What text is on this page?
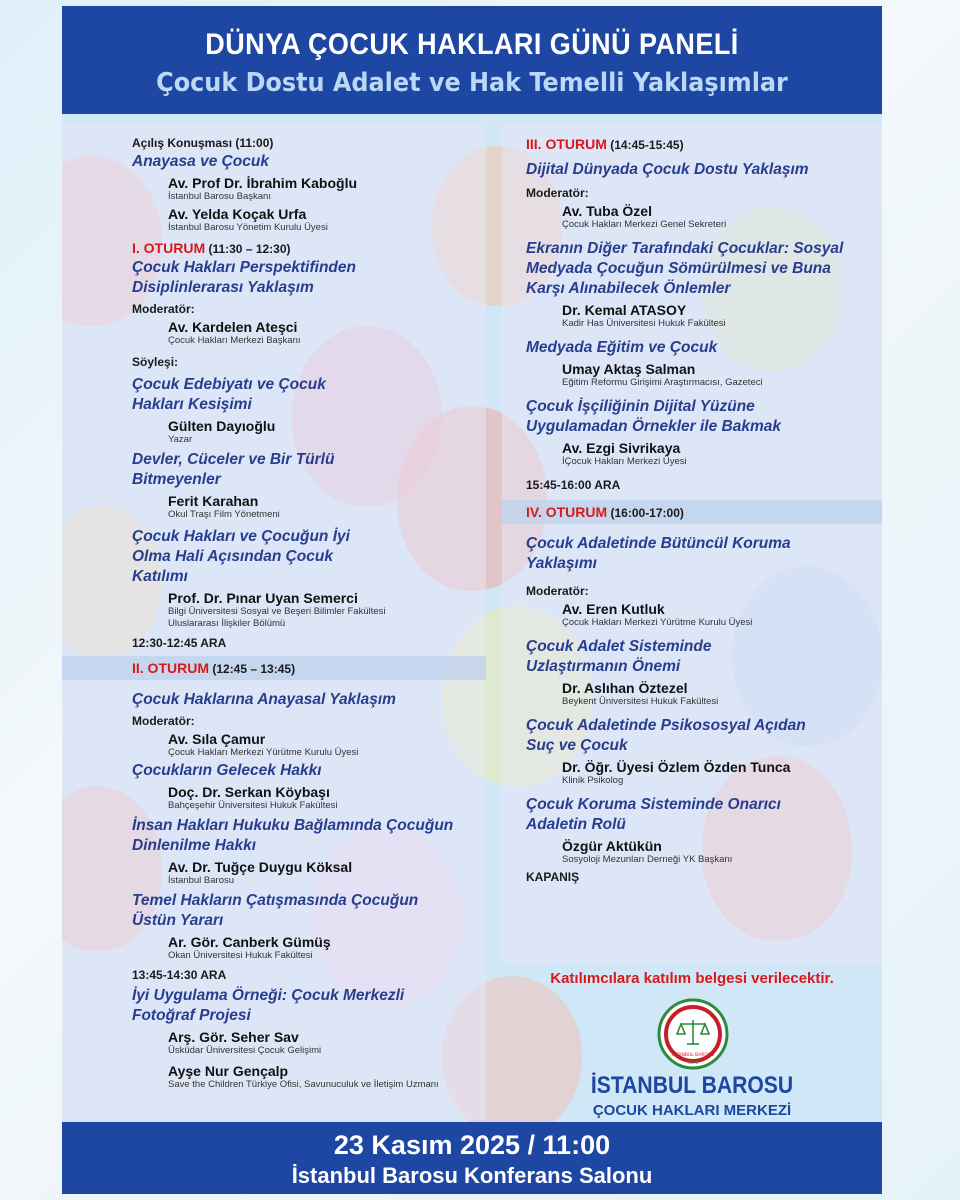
DÜNYA ÇOCUK HAKLARI GÜNÜ PANELİ
Çocuk Dostu Adalet ve Hak Temelli Yaklaşımlar
Açılış Konuşması (11:00)
Anayasa ve Çocuk
Av. Prof Dr. İbrahim Kaboğlu
İstanbul Barosu Başkanı
Av. Yelda Koçak Urfa
İstanbul Barosu Yönetim Kurulu Üyesi
I. OTURUM (11:30 – 12:30)
Çocuk Hakları Perspektifinden Disiplinlerarası Yaklaşım
Moderatör:
Av. Kardelen Ateşci
Çocuk Hakları Merkezi Başkanı
Söyleşi:
Çocuk Edebiyatı ve Çocuk Hakları Kesişimi
Gülten Dayıoğlu
Yazar
Devler, Cüceler ve Bir Türlü Bitmeyenler
Ferit Karahan
Okul Traşı Film Yönetmeni
Çocuk Hakları ve Çocuğun İyi Olma Hali Açısından Çocuk Katılımı
Prof. Dr. Pınar Uyan Semerci
Bilgi Üniversitesi Sosyal ve Beşeri Bilimler Fakültesi Uluslararası İlişkiler Bölümü
12:30-12:45 ARA
II. OTURUM (12:45 – 13:45)
Çocuk Haklarına Anayasal Yaklaşım
Moderatör:
Av. Sıla Çamur
Çocuk Hakları Merkezi Yürütme Kurulu Üyesi
Çocukların Gelecek Hakkı
Doç. Dr. Serkan Köybaşı
Bahçeşehir Üniversitesi Hukuk Fakültesi
İnsan Hakları Hukuku Bağlamında Çocuğun Dinlenilme Hakkı
Av. Dr. Tuğçe Duygu Köksal
İstanbul Barosu
Temel Hakların Çatışmasında Çocuğun Üstün Yararı
Ar. Gör. Canberk Gümüş
Okan Üniversitesi Hukuk Fakültesi
13:45-14:30 ARA
İyi Uygulama Örneği: Çocuk Merkezli Fotoğraf Projesi
Arş. Gör. Seher Sav
Üsküdar Üniversitesi Çocuk Gelişimi
Ayşe Nur Gençalp
Save the Children Türkiye Ofisi, Savunuculuk ve İletişim Uzmanı
III. OTURUM (14:45-15:45)
Dijital Dünyada Çocuk Dostu Yaklaşım
Moderatör:
Av. Tuba Özel
Çocuk Hakları Merkezi Genel Sekreteri
Ekranın Diğer Tarafındaki Çocuklar: Sosyal Medyada Çocuğun Sömürülmesi ve Buna Karşı Alınabilecek Önlemler
Dr. Kemal ATASOY
Kadir Has Üniversitesi Hukuk Fakültesi
Medyada Eğitim ve Çocuk
Umay Aktaş Salman
Eğitim Reformu Girişimi Araştırmacısı, Gazeteci
Çocuk İşçiliğinin Dijital Yüzüne Uygulamadan Örnekler ile Bakmak
Av. Ezgi Sivrikaya
İÇocuk Hakları Merkezi Üyesi
15:45-16:00 ARA
IV. OTURUM (16:00-17:00)
Çocuk Adaletinde Bütüncül Koruma Yaklaşımı
Moderatör:
Av. Eren Kutluk
Çocuk Hakları Merkezi Yürütme Kurulu Üyesi
Çocuk Adalet Sisteminde Uzlaştırmanın Önemi
Dr. Aslıhan Öztezel
Beykent Üniversitesi Hukuk Fakültesi
Çocuk Adaletinde Psikososyal Açıdan Suç ve Çocuk
Dr. Öğr. Üyesi Özlem Özden Tunca
Klinik Psikolog
Çocuk Koruma Sisteminde Onarıcı Adaletin Rolü
Özgür Aktükün
Sosyoloji Mezunları Derneği YK Başkanı
KAPANIŞ
Katılımcılara katılım belgesi verilecektir.
İSTANBUL BAROSU
1878
İSTANBUL BAROSU
ÇOCUK HAKLARI MERKEZİ
23 Kasım 2025 / 11:00
İstanbul Barosu Konferans Salonu
